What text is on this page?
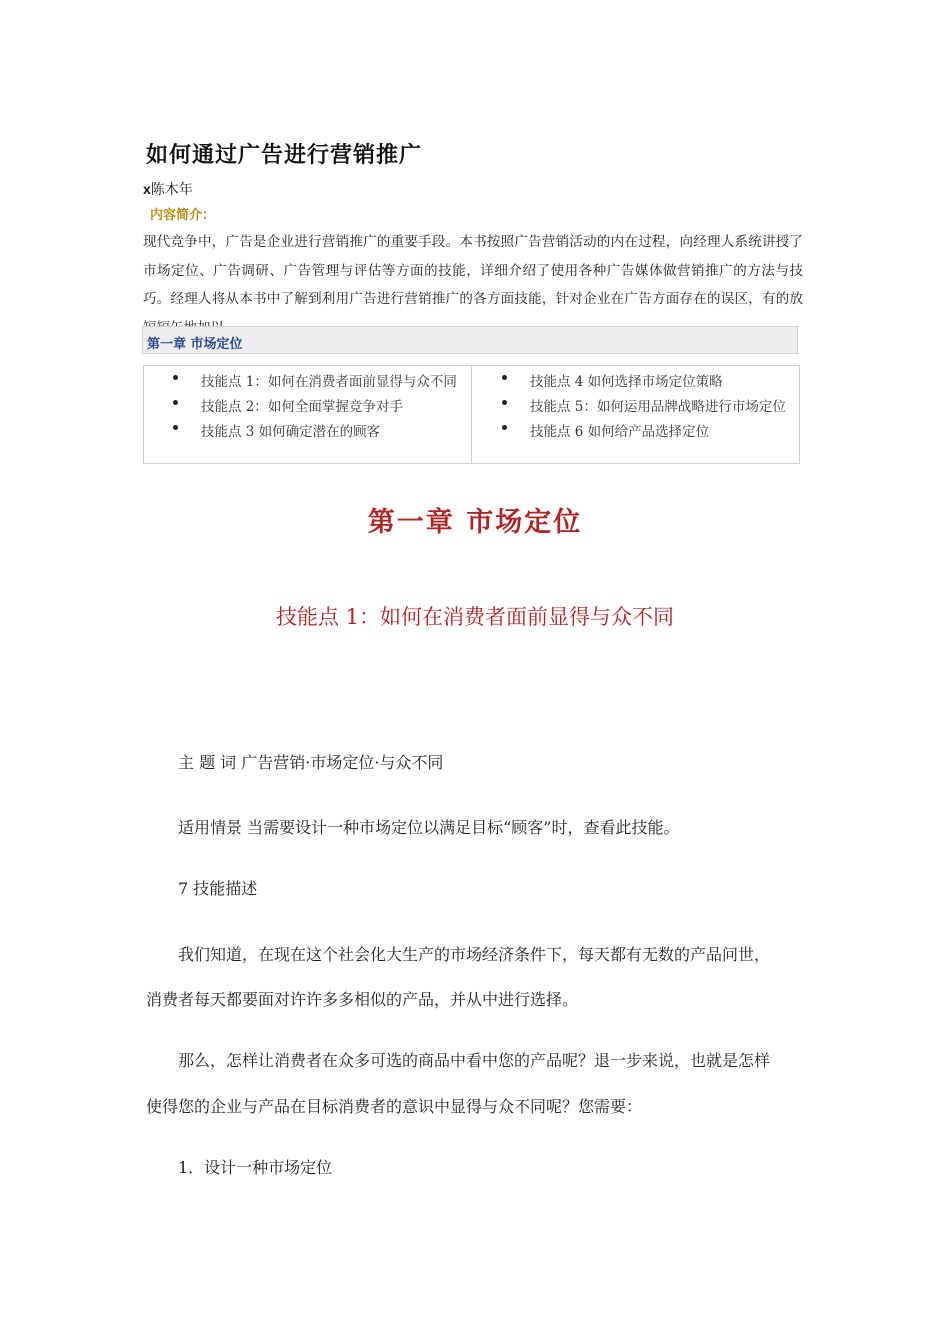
如何通过广告进行营销推广
x陈木年
内容简介：
现代竞争中，广告是企业进行营销推广的重要手段。本书按照广告营销活动的内在过程，向经理人系统讲授了市场定位、广告调研、广告管理与评估等方面的技能，详细介绍了使用各种广告媒体做营销推广的方法与技巧。经理人将从本书中了解到利用广告进行营销推广的各方面技能，针对企业在广告方面存在的误区，有的放
第一章 市场定位
技能点 1：如何在消费者面前显得与众不同
技能点 2：如何全面掌握竞争对手
技能点 3 如何确定潜在的顾客
技能点 4 如何选择市场定位策略
技能点 5：如何运用品牌战略进行市场定位
技能点 6 如何给产品选择定位
第一章 市场定位
技能点 1：如何在消费者面前显得与众不同
主 题 词 广告营销·市场定位·与众不同
适用情景 当需要设计一种市场定位以满足目标“顾客”时，查看此技能。
7 技能描述
我们知道，在现在这个社会化大生产的市场经济条件下，每天都有无数的产品问世，
消费者每天都要面对许许多多相似的产品，并从中进行选择。
那么，怎样让消费者在众多可选的商品中看中您的产品呢？退一步来说，也就是怎样
使得您的企业与产品在目标消费者的意识中显得与众不同呢？您需要：
1．设计一种市场定位
